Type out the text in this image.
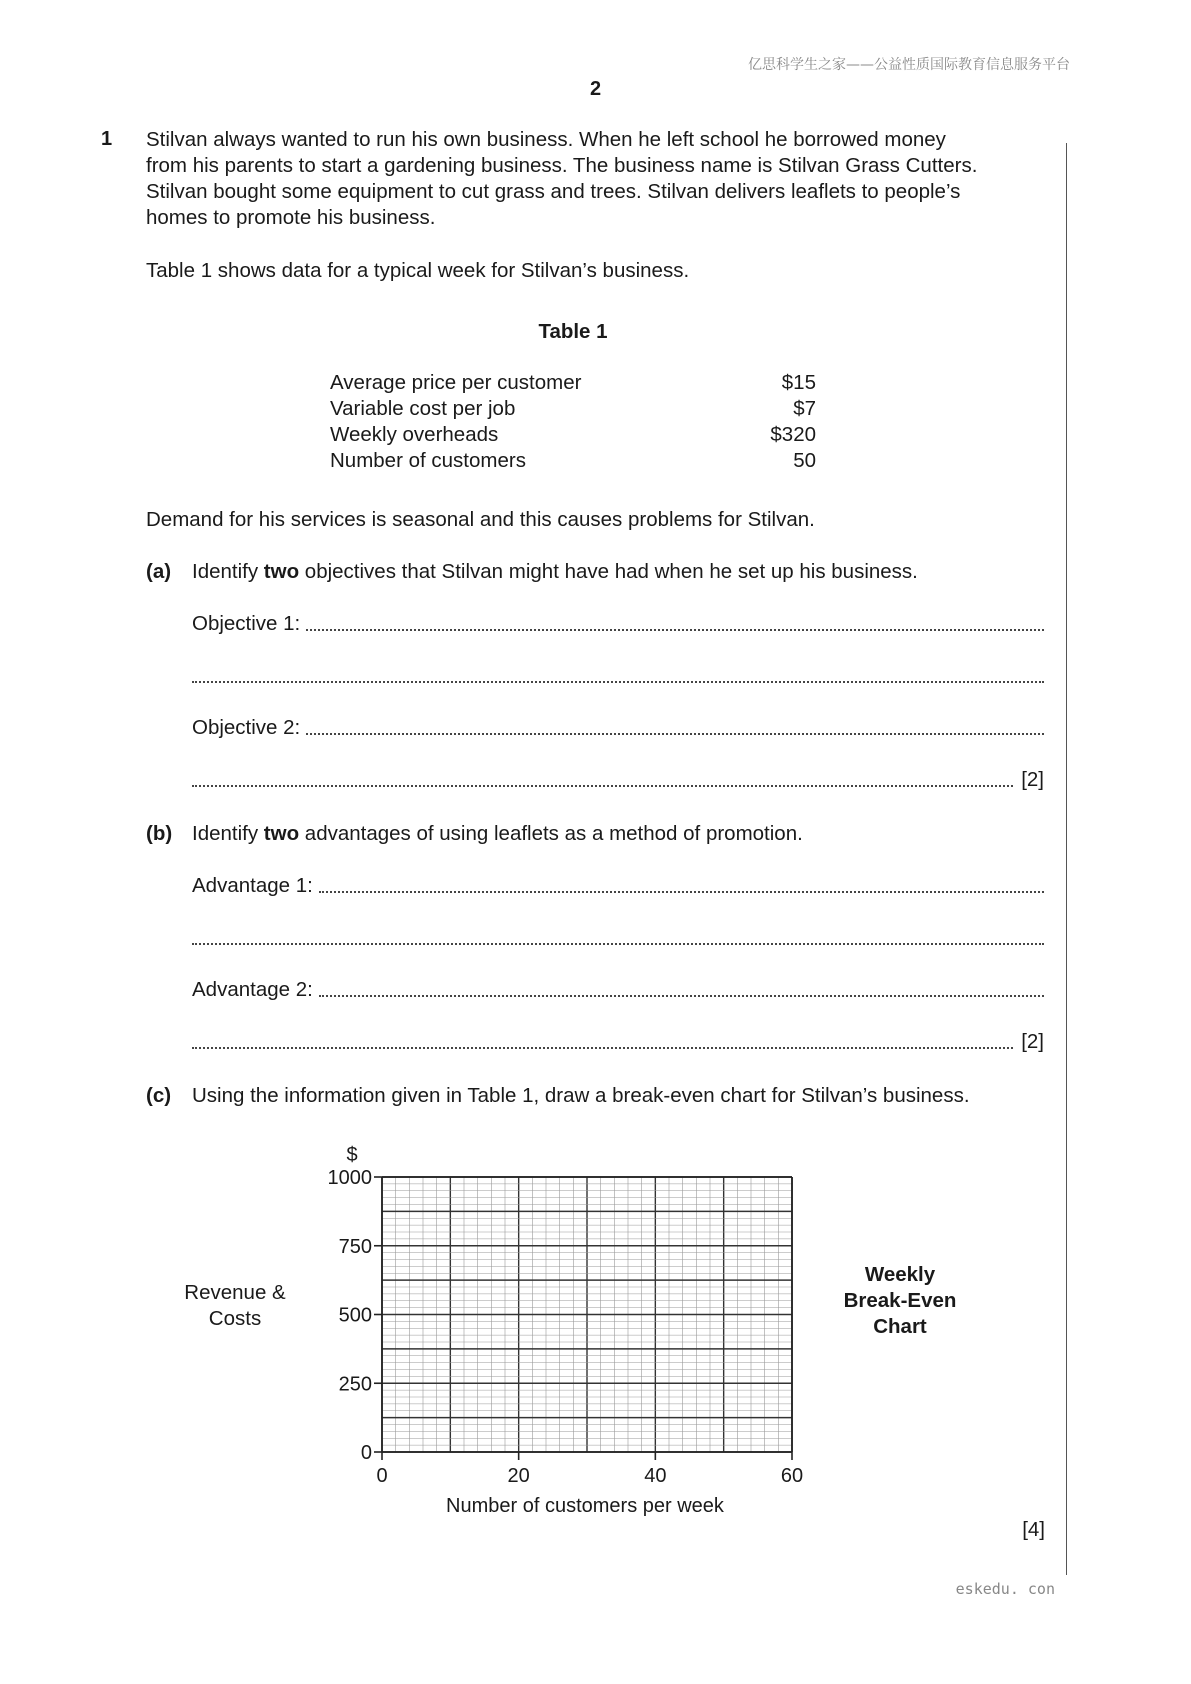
亿思科学生之家——公益性质国际教育信息服务平台
2
1 Stilvan always wanted to run his own business. When he left school he borrowed money
from his parents to start a gardening business. The business name is Stilvan Grass Cutters.
Stilvan bought some equipment to cut grass and trees. Stilvan delivers leaflets to people’s
homes to promote his business.
Table 1 shows data for a typical week for Stilvan’s business.
Table 1
Average price per customer	$15
Variable cost per job	$7
Weekly overheads	$320
Number of customers	50
Demand for his services is seasonal and this causes problems for Stilvan.
(a) Identify two objectives that Stilvan might have had when he set up his business.
Objective 1:
Objective 2:
[2]
(b) Identify two advantages of using leaflets as a method of promotion.
Advantage 1:
Advantage 2:
[2]
(c) Using the information given in Table 1, draw a break-even chart for Stilvan’s business.
Revenue &
Costs
Weekly
Break-Even
Chart
0
250
500
750
1000
0	20	40	60
$
Number of customers per week
[4]
eskedu. con
